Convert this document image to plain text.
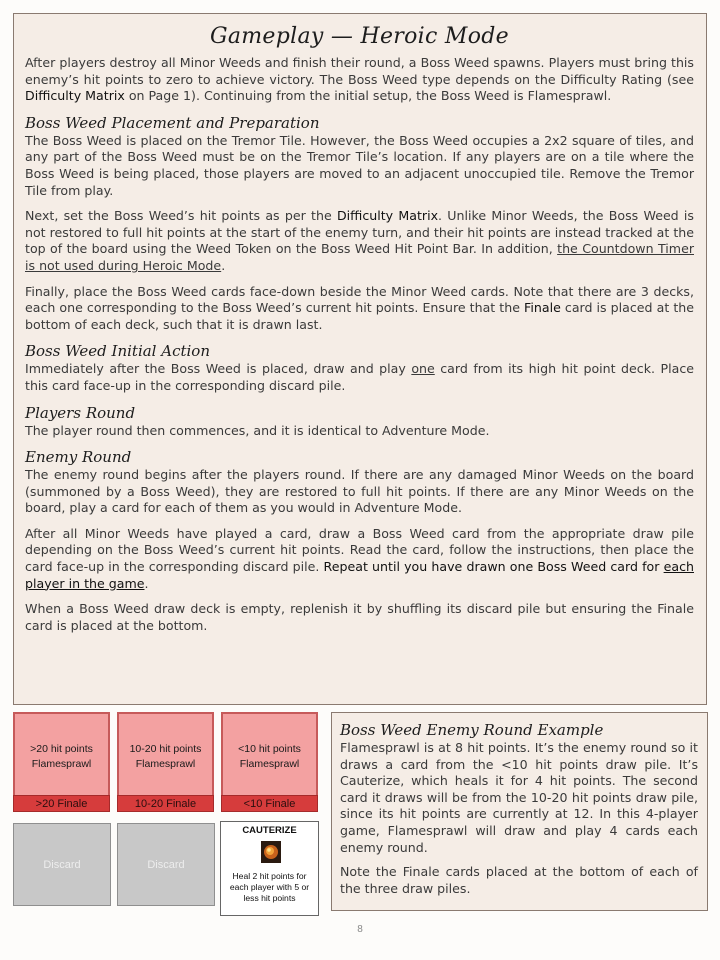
Gameplay — Heroic Mode

After players destroy all Minor Weeds and finish their round, a Boss Weed spawns. Players must bring this enemy’s hit points to zero to achieve victory. The Boss Weed type depends on the Difficulty Rating (see Difficulty Matrix on Page 1). Continuing from the initial setup, the Boss Weed is Flamesprawl.

Boss Weed Placement and Preparation

The Boss Weed is placed on the Tremor Tile. However, the Boss Weed occupies a 2x2 square of tiles, and any part of the Boss Weed must be on the Tremor Tile’s location. If any players are on a tile where the Boss Weed is being placed, those players are moved to an adjacent unoccupied tile. Remove the Tremor Tile from play.

Next, set the Boss Weed’s hit points as per the Difficulty Matrix. Unlike Minor Weeds, the Boss Weed is not restored to full hit points at the start of the enemy turn, and their hit points are instead tracked at the top of the board using the Weed Token on the Boss Weed Hit Point Bar. In addition, the Countdown Timer is not used during Heroic Mode.

Finally, place the Boss Weed cards face-down beside the Minor Weed cards. Note that there are 3 decks, each one corresponding to the Boss Weed’s current hit points. Ensure that the Finale card is placed at the bottom of each deck, such that it is drawn last.

Boss Weed Initial Action

Immediately after the Boss Weed is placed, draw and play one card from its high hit point deck. Place this card face-up in the corresponding discard pile.

Players Round

The player round then commences, and it is identical to Adventure Mode.

Enemy Round

The enemy round begins after the players round. If there are any damaged Minor Weeds on the board (summoned by a Boss Weed), they are restored to full hit points. If there are any Minor Weeds on the board, play a card for each of them as you would in Adventure Mode.

After all Minor Weeds have played a card, draw a Boss Weed card from the appropriate draw pile depending on the Boss Weed’s current hit points. Read the card, follow the instructions, then place the card face-up in the corresponding discard pile. Repeat until you have drawn one Boss Weed card for each player in the game.

When a Boss Weed draw deck is empty, replenish it by shuffling its discard pile but ensuring the Finale card is placed at the bottom.

>20 hit points
Flamesprawl
>20 Finale
10-20 hit points
Flamesprawl
10-20 Finale
<10 hit points
Flamesprawl
<10 Finale
Discard	Discard
CAUTERIZE
Heal 2 hit points for each player with 5 or less hit points
Boss Weed Enemy Round Example

Flamesprawl is at 8 hit points. It’s the enemy round so it draws a card from the <10 hit points draw pile. It’s Cauterize, which heals it for 4 hit points. The second card it draws will be from the 10-20 hit points draw pile, since its hit points are currently at 12. In this 4-player game, Flamesprawl will draw and play 4 cards each enemy round.

Note the Finale cards placed at the bottom of each of the three draw piles.

8
